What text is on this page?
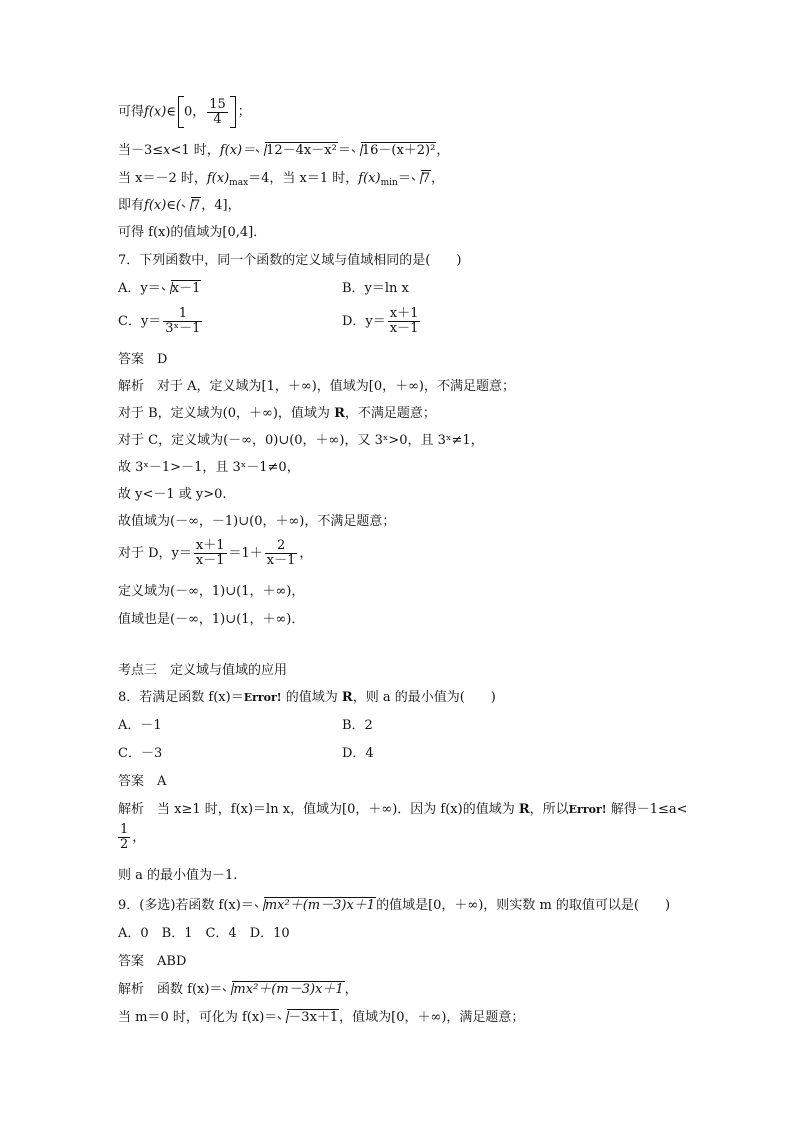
可得f(x)∈ 0， $\frac{15}{4}$ ；
当－3≤x<1 时，f(x)＝ 12－4x－x²＝ 16－(x＋2)²，
当 x＝－2 时，$f(x)_{max}=4$，当 x＝1 时，$f(x)_{min}= 7$，
即有f(x)∈( 7，4]，
可得 f(x)的值域为[0,4]．
7．下列函数中，同一个函数的定义域与值域相同的是(　　)
A．y＝ x－1	B．y＝ln x
C．$y= \frac{1}{\text{3ˣ－1}}$	D．$y= \frac{x+1}{x-1}$
答案　D
解析　对于 A，定义域为[1，＋∞)，值域为[0，＋∞)，不满足题意；
对于 B，定义域为(0，＋∞)，值域为 R，不满足题意；
对于 C，定义域为(－∞，0)∪(0，＋∞)，又 3ˣ>0，且 3ˣ≠1，
故 3ˣ－1>－1，且 3ˣ－1≠0，
故 y<－1 或 y>0.
故值域为(－∞，－1)∪(0，＋∞)，不满足题意；
对于 D，$y= \frac{x+1}{x-1} =1+ \frac{2}{x-1}$ ，
定义域为(－∞，1)∪(1，＋∞)，
值域也是(－∞，1)∪(1，＋∞)．
考点三　定义域与值域的应用
8．若满足函数 f(x)＝Error! 的值域为 R，则 a 的最小值为(　　)
A．－1	B．2
C．－3	D．4
答案　A
解析　当 x≥1 时，f(x)＝ln x，值域为[0，＋∞)．因为 f(x)的值域为 R，所以Error! 解得－1≤a<
$\frac{1}{2}$ ，
则 a 的最小值为－1.
9．(多选)若函数 f(x)＝ mx²＋(m－3)x＋1的值域是[0，＋∞)，则实数 m 的取值可以是(　　)
A．0　B．1　C．4　D．10
答案　ABD
解析　函数 f(x)＝ mx²＋(m－3)x＋1，
当 m＝0 时，可化为 f(x)＝ －3x＋1，值域为[0，＋∞)，满足题意；
